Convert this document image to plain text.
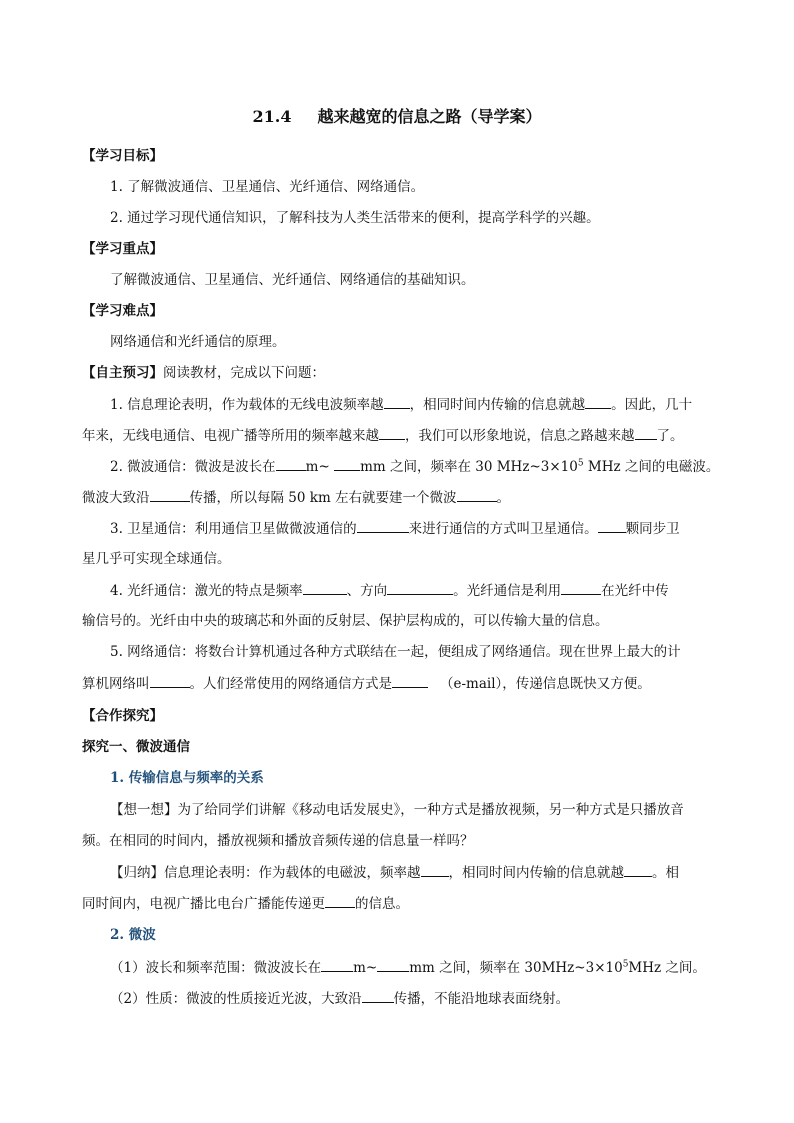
21.4 越来越宽的信息之路（导学案）
【学习目标】
1. 了解微波通信、卫星通信、光纤通信、网络通信。
2. 通过学习现代通信知识，了解科技为人类生活带来的便利，提高学科学的兴趣。
【学习重点】
了解微波通信、卫星通信、光纤通信、网络通信的基础知识。
【学习难点】
网络通信和光纤通信的原理。
【自主预习】阅读教材，完成以下问题：
1. 信息理论表明，作为载体的无线电波频率越 ，相同时间内传输的信息就越 。因此，几十
年来，无线电通信、电视广播等所用的频率越来越 ，我们可以形象地说，信息之路越来越 了。
2. 微波通信：微波是波长在 m~ mm 之间，频率在 30 $MHz\sim 3\times 10^5$ MHz 之间的电磁波。
微波大致沿	传播，所以每隔 50 km 左右就要建一个微波	。
3. 卫星通信：利用通信卫星做微波通信的	来进行通信的方式叫卫星通信。 颗同步卫
星几乎可实现全球通信。
4. 光纤通信：激光的特点是频率	、方向	。光纤通信是利用	在光纤中传
输信号的。光纤由中央的玻璃芯和外面的反射层、保护层构成的，可以传输大量的信息。
5. 网络通信：将数台计算机通过各种方式联结在一起，便组成了网络通信。现在世界上最大的计
算机网络叫	。人们经常使用的网络通信方式是	（e-mail），传递信息既快又方便。
【合作探究】
探究一、微波通信
1. 传输信息与频率的关系
【想一想】为了给同学们讲解《移动电话发展史》，一种方式是播放视频，另一种方式是只播放音
频。在相同的时间内，播放视频和播放音频传递的信息量一样吗？
【归纳】信息理论表明：作为载体的电磁波，频率越 ，相同时间内传输的信息就越 。相
同时间内，电视广播比电台广播能传递更 的信息。
2. 微波
（1）波长和频率范围：微波波长在 m~ mm 之间，频率在 $30MHz\sim 3\times 10^5MHz$ 之间。
（2）性质：微波的性质接近光波，大致沿 传播，不能沿地球表面绕射。
